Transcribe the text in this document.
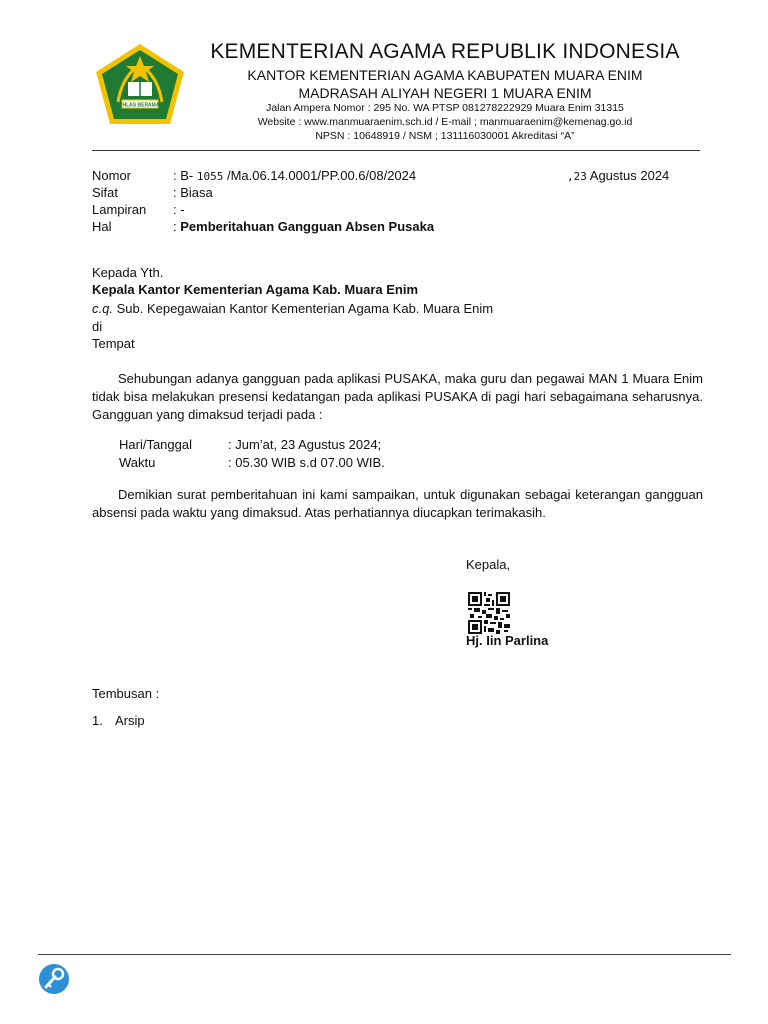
IKHLAS BERAMAL
KEMENTERIAN AGAMA REPUBLIK INDONESIA
KANTOR KEMENTERIAN AGAMA KABUPATEN MUARA ENIM
MADRASAH ALIYAH NEGERI 1 MUARA ENIM
Jalan Ampera Nomor : 295 No. WA PTSP 081278222929 Muara Enim 31315
Website : www.manmuaraenim.sch.id / E-mail ; manmuaraenim@kemenag.go.id
NPSN : 10648919 / NSM ; 131116030001 Akreditasi “A”
Nomor	: B- 1055 /Ma.06.14.0001/PP.00.6/08/2024	,23 Agustus 2024
Sifat	: Biasa
Lampiran : -
Hal	: Pemberitahuan Gangguan Absen Pusaka
Kepada Yth.
Kepala Kantor Kementerian Agama Kab. Muara Enim
c.q. Sub. Kepegawaian Kantor Kementerian Agama Kab. Muara Enim
di
Tempat
Sehubungan adanya gangguan pada aplikasi PUSAKA, maka guru dan pegawai MAN 1 Muara Enim tidak bisa melakukan presensi kedatangan pada aplikasi PUSAKA di pagi hari sebagaimana seharusnya. Gangguan yang dimaksud terjadi pada :
Hari/Tanggal	: Jum’at, 23 Agustus 2024;
Waktu	: 05.30 WIB s.d 07.00 WIB.
Demikian surat pemberitahuan ini kami sampaikan, untuk digunakan sebagai keterangan gangguan absensi pada waktu yang dimaksud. Atas perhatiannya diucapkan terimakasih.
Kepala,
Hj. Iin Parlina
Tembusan :
1. Arsip
